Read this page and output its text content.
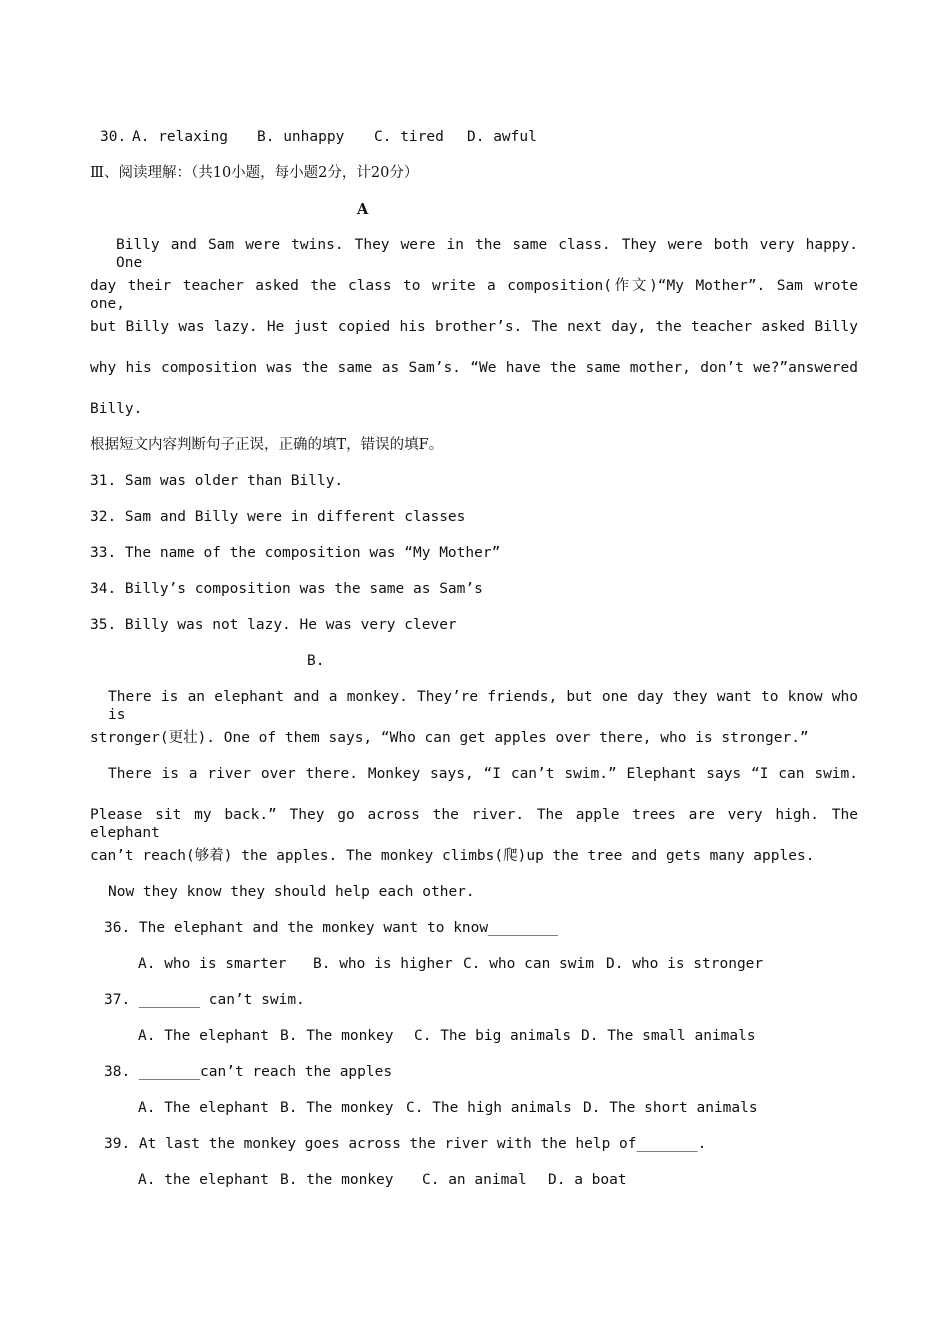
30. A. relaxing B. unhappy C. tired D. awful
Ⅲ、阅读理解：（共10小题，每小题2分，计20分）
A
Billy and Sam were twins. They were in the same class. They were both very happy. One
day their teacher asked the class to write a composition(作文)“My Mother”. Sam wrote one,
but Billy was lazy. He just copied his brother’s. The next day, the teacher asked Billy
why his composition was the same as Sam’s. “We have the same mother, don’t we?”answered
Billy.
根据短文内容判断句子正误，正确的填T，错误的填F。
31. Sam was older than Billy.
32. Sam and Billy were in different classes
33. The name of the composition was “My Mother”
34. Billy’s composition was the same as Sam’s
35. Billy was not lazy. He was very clever
B.
There is an elephant and a monkey. They’re friends, but one day they want to know who is
stronger(更壮). One of them says, “Who can get apples over there, who is stronger.”
There is a river over there. Monkey says, “I can’t swim.” Elephant says “I can swim.
Please sit my back.” They go across the river. The apple trees are very high. The elephant
can’t reach(够着) the apples. The monkey climbs(爬)up the tree and gets many apples.
Now they know they should help each other.
36. The elephant and the monkey want to know________
A. who is smarter B. who is higher C. who can swim D. who is stronger
37. _______ can’t swim.
A. The elephant B. The monkey C. The big animals D. The small animals
38. _______can’t reach the apples
A. The elephant B. The monkey C. The high animals D. The short animals
39. At last the monkey goes across the river with the help of_______.
A. the elephant B. the monkey C. an animal D. a boat
